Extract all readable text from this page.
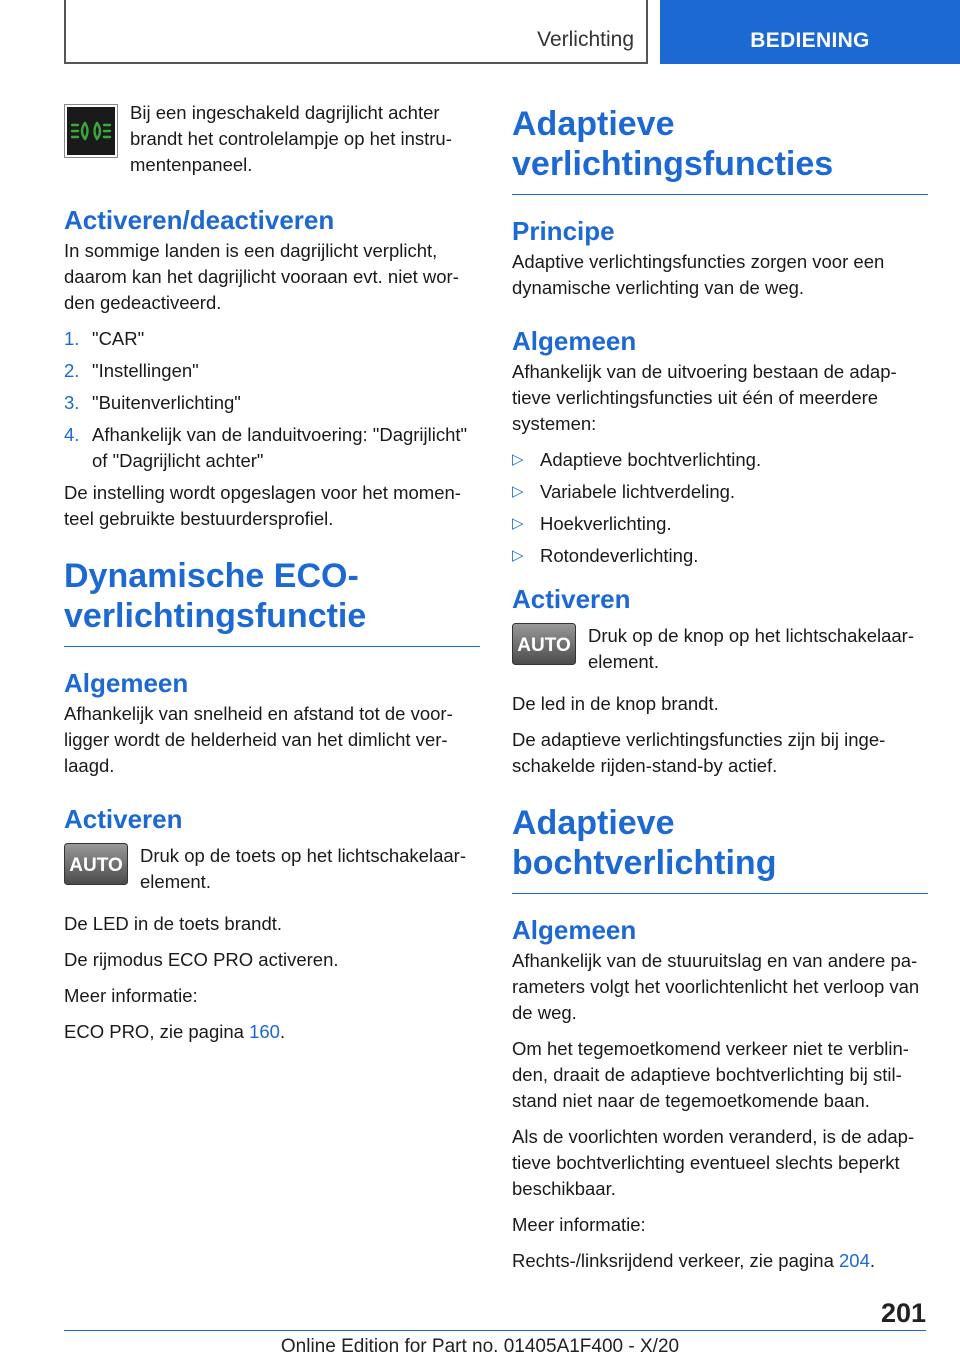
Verlichting	BEDIENING

Bij een ingeschakeld dagrijlicht achter brandt het controlelampje op het instrumentenpaneel.

Activeren/deactiveren

In sommige landen is een dagrijlicht verplicht, daarom kan het dagrijlicht vooraan evt. niet worden gedeactiveerd.

1. "CAR"
2. "Instellingen"
3. "Buitenverlichting"
4. Afhankelijk van de landuitvoering: "Dagrijlicht" of "Dagrijlicht achter"

De instelling wordt opgeslagen voor het momenteel gebruikte bestuurdersprofiel.

Dynamische ECO-verlichtingsfunctie
Algemeen

Afhankelijk van snelheid en afstand tot de voorligger wordt de helderheid van het dimlicht verlaagd.

Activeren
AUTO Druk op de toets op het lichtschakelaarelement.

De LED in de toets brandt.

De rijmodus ECO PRO activeren.

Meer informatie:

ECO PRO, zie pagina 160.

Adaptieve verlichtingsfuncties
Principe

Adaptive verlichtingsfuncties zorgen voor een dynamische verlichting van de weg.

Algemeen

Afhankelijk van de uitvoering bestaan de adaptieve verlichtingsfuncties uit één of meerdere systemen:

▷ Adaptieve bochtverlichting.
▷ Variabele lichtverdeling.
▷ Hoekverlichting.
▷ Rotondeverlichting.
Activeren
AUTO Druk op de knop op het lichtschakelaarelement.

De led in de knop brandt.

De adaptieve verlichtingsfuncties zijn bij ingeschakelde rijden-stand-by actief.

Adaptieve bochtverlichting
Algemeen

Afhankelijk van de stuuruitslag en van andere parameters volgt het voorlichtenlicht het verloop van de weg.

Om het tegemoetkomend verkeer niet te verblinden, draait de adaptieve bochtverlichting bij stilstand niet naar de tegemoetkomende baan.

Als de voorlichten worden veranderd, is de adaptieve bochtverlichting eventueel slechts beperkt beschikbaar.

Meer informatie:

Rechts-/linksrijdend verkeer, zie pagina 204.

201
Online Edition for Part no. 01405A1F400 - X/20
